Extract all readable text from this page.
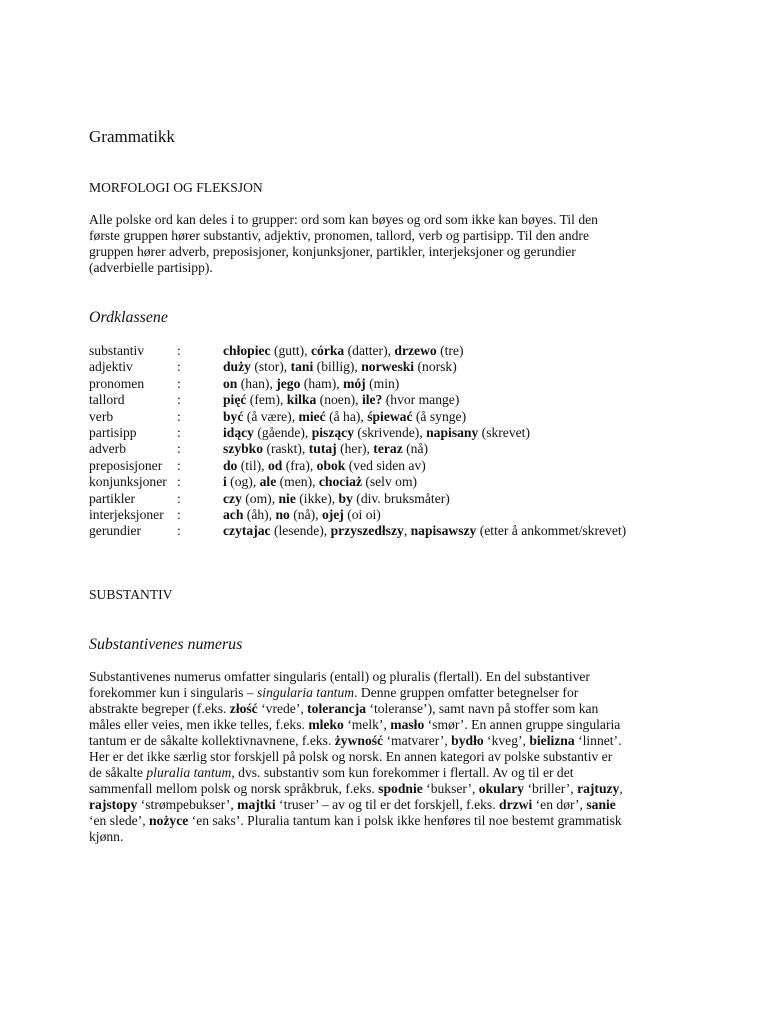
Grammatikk
MORFOLOGI OG FLEKSJON

Alle polske ord kan deles i to grupper: ord som kan bøyes og ord som ikke kan bøyes. Til den
første gruppen hører substantiv, adjektiv, pronomen, tallord, verb og partisipp. Til den andre
gruppen hører adverb, preposisjoner, konjunksjoner, partikler, interjeksjoner og gerundier
(adverbielle partisipp).

Ordklassene
substantiv	:	chłopiec (gutt), córka (datter), drzewo (tre)
adjektiv	:	duży (stor), tani (billig), norweski (norsk)
pronomen	:	on (han), jego (ham), mój (min)
tallord	:	pięć (fem), kilka (noen), ile? (hvor mange)
verb	:	być (å være), mieć (å ha), śpiewać (å synge)
partisipp	:	idący (gående), piszący (skrivende), napisany (skrevet)
adverb	:	szybko (raskt), tutaj (her), teraz (nå)
preposisjoner	:	do (til), od (fra), obok (ved siden av)
konjunksjoner	:	i (og), ale (men), chociaż (selv om)
partikler	:	czy (om), nie (ikke), by (div. bruksmåter)
interjeksjoner	:	ach (åh), no (nå), ojej (oi oi)
gerundier	:	czytajac (lesende), przyszedłszy, napisawszy (etter å ankommet/skrevet)
SUBSTANTIV
Substantivenes numerus

Substantivenes numerus omfatter singularis (entall) og pluralis (flertall). En del substantiver
forekommer kun i singularis – singularia tantum. Denne gruppen omfatter betegnelser for
abstrakte begreper (f.eks. złość ‘vrede’, tolerancja ‘toleranse’), samt navn på stoffer som kan
måles eller veies, men ikke telles, f.eks. mleko ‘melk’, masło ‘smør’. En annen gruppe singularia
tantum er de såkalte kollektivnavnene, f.eks. żywność ‘matvarer’, bydło ‘kveg’, bielizna ‘linnet’.
Her er det ikke særlig stor forskjell på polsk og norsk. En annen kategori av polske substantiv er
de såkalte pluralia tantum, dvs. substantiv som kun forekommer i flertall. Av og til er det
sammenfall mellom polsk og norsk språkbruk, f.eks. spodnie ‘bukser’, okulary ‘briller’, rajtuzy,
rajstopy ‘strømpebukser’, majtki ‘truser’ – av og til er det forskjell, f.eks. drzwi ‘en dør’, sanie
‘en slede’, nożyce ‘en saks’. Pluralia tantum kan i polsk ikke henføres til noe bestemt grammatisk
kjønn.
